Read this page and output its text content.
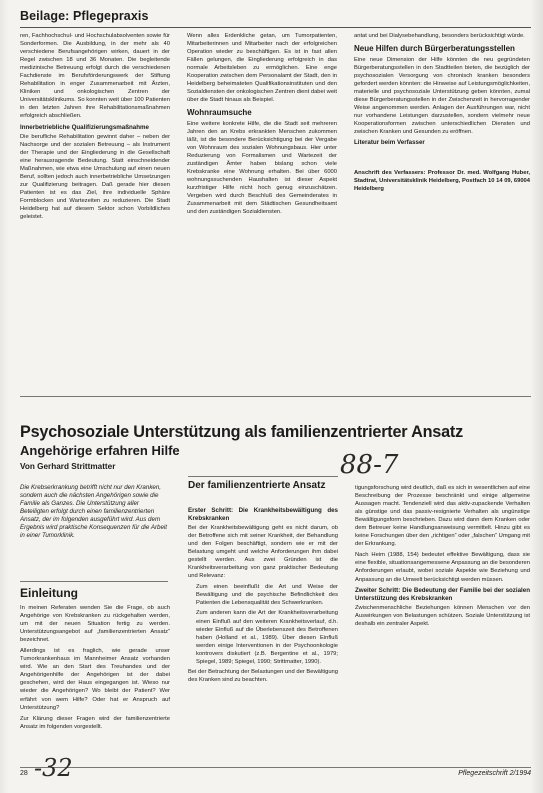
Beilage: Pflegepraxis

ren, Fachhochschul- und Hochschulabsolventen sowie für Sonderformen. Die Ausbildung, in der mehr als 40 verschiedene Berufsangehörigen wirken, dauert in der Regel zwischen 18 und 36 Monaten. Die begleitende medizinische Betreuung erfolgt durch die verschiedenen Fachdienste im Berufsförderungswerk der Stiftung Rehabilitation in enger Zusammenarbeit mit Ärzten, Kliniken und onkologischen Zentren der Universitätsklinikums. So konnten weit über 100 Patienten in den letzten Jahren ihre Rehabilitationsmaßnahmen erfolgreich abschließen.

Innerbetriebliche Qualifizierungsmaßnahme

Die berufliche Rehabilitation gewinnt daher – neben der Nachsorge und der sozialen Betreuung – als Instrument der Therapie und der Eingliederung in die Gesellschaft eine herausragende Bedeutung. Statt einschneidender Maßnahmen, wie etwa eine Umschulung auf einen neuen Beruf, sollten jedoch auch innerbetriebliche Umsetzungen zur Qualifizierung beitragen. Daß gerade hier diesen Patienten ist es das Ziel, ihre individuelle Sphäre Formblocken und Wartezeiten zu reduzieren. Die Stadt Heidelberg hat auf diesem Sektor schon Vorbildliches geleistet.

Wenn alles Erdenkliche getan, um Tumorpatienten, Mitarbeiterinnen und Mitarbeiter nach der erfolgreichen Operation wieder zu beschäftigen. Es ist in fast allen Fällen gelungen, die Eingliederung erfolgreich in das normale Arbeitsleben zu ermöglichen. Eine enge Kooperation zwischen dem Personalamt der Stadt, den in Heidelberg beheimateten Qualifikationsinstituten und den Sozialdiensten der onkologischen Zentren dient dabei weit über die Stadt hinaus als Beispiel.

Wohnraumsuche

Eine weitere konkrete Hilfe, die die Stadt seit mehreren Jahren den an Krebs erkrankten Menschen zukommen läßt, ist die besondere Berücksichtigung bei der Vergabe von Wohnraum des sozialen Wohnungsbaus. Hier unter Reduzierung von Formalismen und Wartezeit der zuständigen Ämter haben bislang schon viele Krebskranke eine Wohnung erhalten. Bei über 6000 wohnungssuchenden Haushalten ist dieser Aspekt kurzfristiger Hilfe nicht hoch genug einzuschätzen. Vergeben wird durch Beschluß des Gemeinderates in Zusammenarbeit mit dem Städtischen Gesundheitsamt und den zuständigen Sozialdiensten.

antat und bei Dialysebehandlung, besonders berücksichtigt würde.

Neue Hilfen durch Bürgerberatungsstellen

Eine neue Dimension der Hilfe könnten die neu gegründeten Bürgerberatungsstellen in den Stadtteilen bieten, die bezüglich der psychosozialen Versorgung von chronisch kranken besonders gefordert werden könnten: die Hinweise auf Leistungsmöglichkeiten, materielle und psychosoziale Unterstützung geben könnten, zumal diese Bürgerberatungsstellen in der Zwischenzeit in hervorragender Weise angenommen werden. Anlagen der Ausführungen war, nicht nur vorhandene Leistungen darzustellen, sondern vielmehr neue Kooperationsformen zwischen unterschiedlichen Diensten und zwischen Kranken und Gesunden zu eröffnen.

Literatur beim Verfasser

Anschrift des Verfassers: Professor Dr. med. Wolfgang Huber, Stadtrat, Universitätsklinik Heidelberg, Postfach 10 14 09, 69004 Heidelberg

Psychosoziale Unterstützung als familienzentrierter Ansatz
Angehörige erfahren Hilfe
Von Gerhard Strittmatter	88-7
Die Krebserkrankung betrifft nicht nur den Kranken, sondern auch die nächsten Angehörigen sowie die Familie als Ganzes. Die Unterstützung aller Beteiligten erfolgt durch einen familienzentrierten Ansatz, der im folgenden ausgeführt wird. Aus dem Ergebnis wird praktische Konsequenzen für die Arbeit in einer Tumorklinik.
Einleitung

In meinen Referaten wenden Sie die Frage, ob auch Angehörige von Krebskranken zu rückgehalten werden, um mit der neuen Situation fertig zu werden. Unterstützungsangebot auf „familienzentrierten Ansatz“ bezeichnet.

Allerdings ist es fraglich, wie gerade unser Tumorkrankenhaus im Mannheimer Ansatz vorhanden wird. Wie an den Start des Treuhandes und der Angehörigenhilfe der Angehörigen ist der dabei geschehen, wird der Haus eingegangen ist. Wieso nur wieder die Angehörigen? Wo bleibt der Patient? Wer erfährt von wem Hilfe? Oder hat er Anspruch auf Unterstützung?

Zur Klärung dieser Fragen wird der familienzentrierte Ansatz im folgenden vorgestellt.

Der familienzentrierte Ansatz
Erster Schritt: Die Krankheitsbewältigung des Krebskranken

Bei der Krankheitsbewältigung geht es nicht darum, ob der Betroffene sich mit seiner Krankheit, der Behandlung und den Folgen beschäftigt, sondern wie er mit der Belastung umgeht und welche Anforderungen ihm dabei gestellt werden. Aus zwei Gründen ist die Krankheitsverarbeitung von ganz praktischer Bedeutung und Relevanz:

• Zum einen beeinflußt die Art und Weise der Bewältigung und die psychische Befindlichkeit des Patienten die Lebensqualität des Schwerkranken.
• Zum anderen kann die Art der Krankheitsverarbeitung einen Einfluß auf den weiteren Krankheitsverlauf, d.h. wieder Einfluß auf die Überlebenszeit des Betroffenen haben (Holland et al., 1989). Über diesen Einfluß werden einige Interventionen in der Psychoonkologie kontrovers diskutiert (z.B. Bergentine et al., 1979; Spiegel, 1989; Spiegel, 1990; Strittmatter, 1990).

Bei der Betrachtung der Belastungen und der Bewältigung des Kranken sind zu beachten.

tigungsforschung wird deutlich, daß es sich in wesentlichen auf eine Beschreibung der Prozesse beschränkt und einige allgemeine Aussagen macht. Tendenziell wird das aktiv-zupackende Verhalten als günstige und das passiv-resignierte Verhalten als ungünstige Bewältigungsform beschrieben. Dazu wird dann dem Kranken oder dem Betreuer keine Handlungsanweisung vermittelt. Hinzu gibt es keine Forschungen über den „richtigen“ oder „falschen“ Umgang mit der Erkrankung.

Nach Heim (1988, 154) bedeutet effektive Bewältigung, dass sie eine flexible, situationsangemessene Anpassung an die besonderen Anforderungen erlaubt, wobei soziale Aspekte wie Beziehung und Anpassung an die Umwelt berücksichtigt werden müssen.

Zweiter Schritt: Die Bedeutung der Familie bei der sozialen Unterstützung des Krebskranken

Zwischenmenschliche Beziehungen können Menschen vor den Auswirkungen von Belastungen schützen. Soziale Unterstützung ist deshalb ein zentraler Aspekt.

28 -32	Pflegezeitschrift 2/1994
